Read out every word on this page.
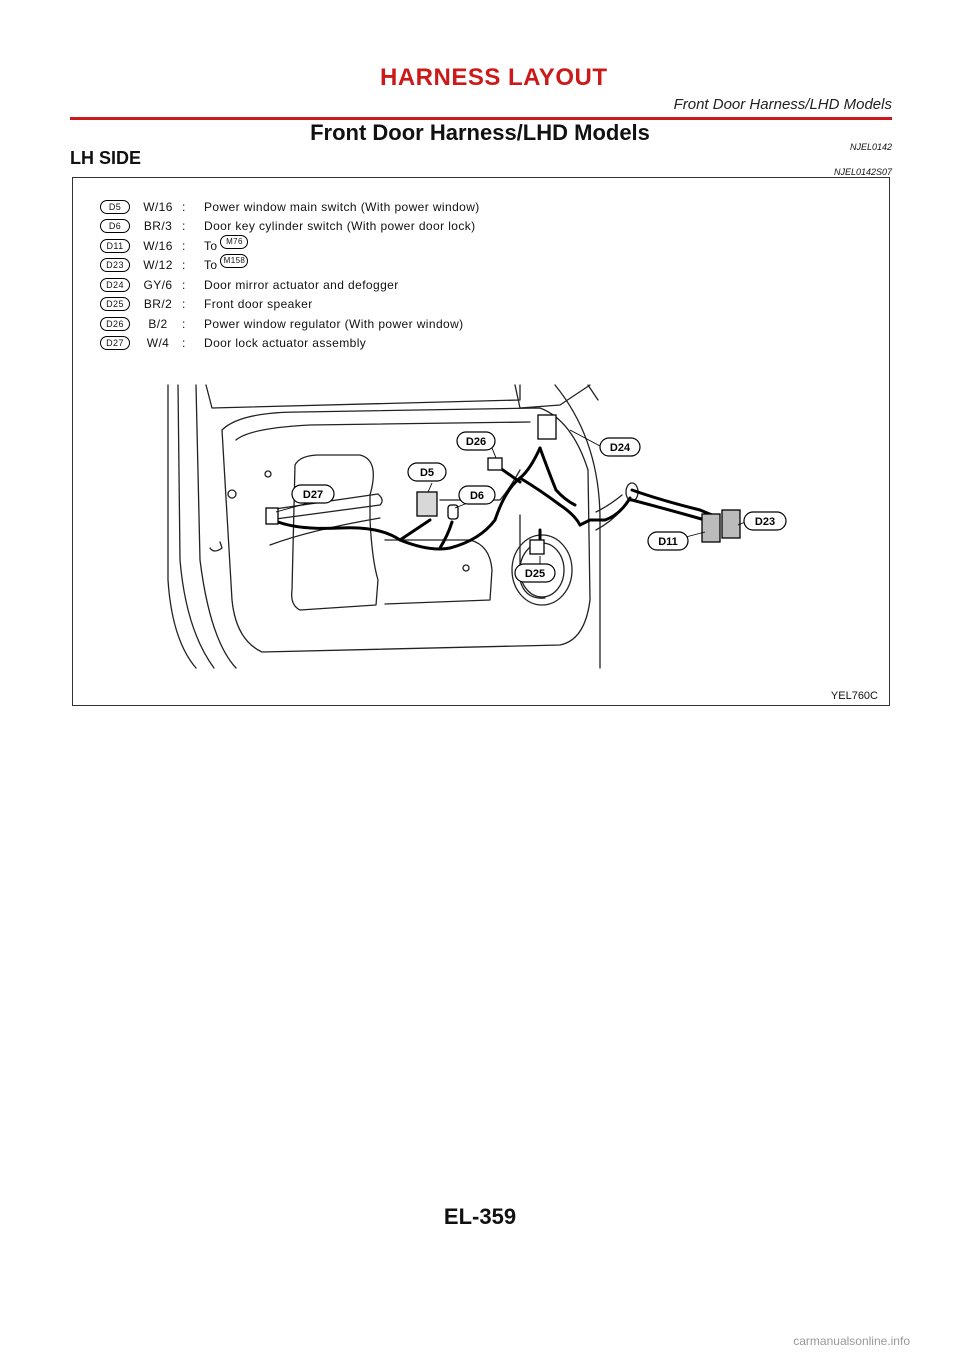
HARNESS LAYOUT
Front Door Harness/LHD Models
Front Door Harness/LHD Models
NJEL0142
LH SIDE
NJEL0142S07
D5	W/16 :	Power window main switch (With power window)
D6	BR/3 :	Door key cylinder switch (With power door lock)
D11	W/16 :	To	M76
D23	W/12 :	To M158
D24	GY/6 :	Door mirror actuator and defogger
D25	BR/2 :	Front door speaker
D26	B/2	:	Power window regulator (With power window)
D27	W/4	:	Door lock actuator assembly
D26	D24
D5
D6
D27
D25
D11
D23
YEL760C
EL-359
carmanualsonline.info
